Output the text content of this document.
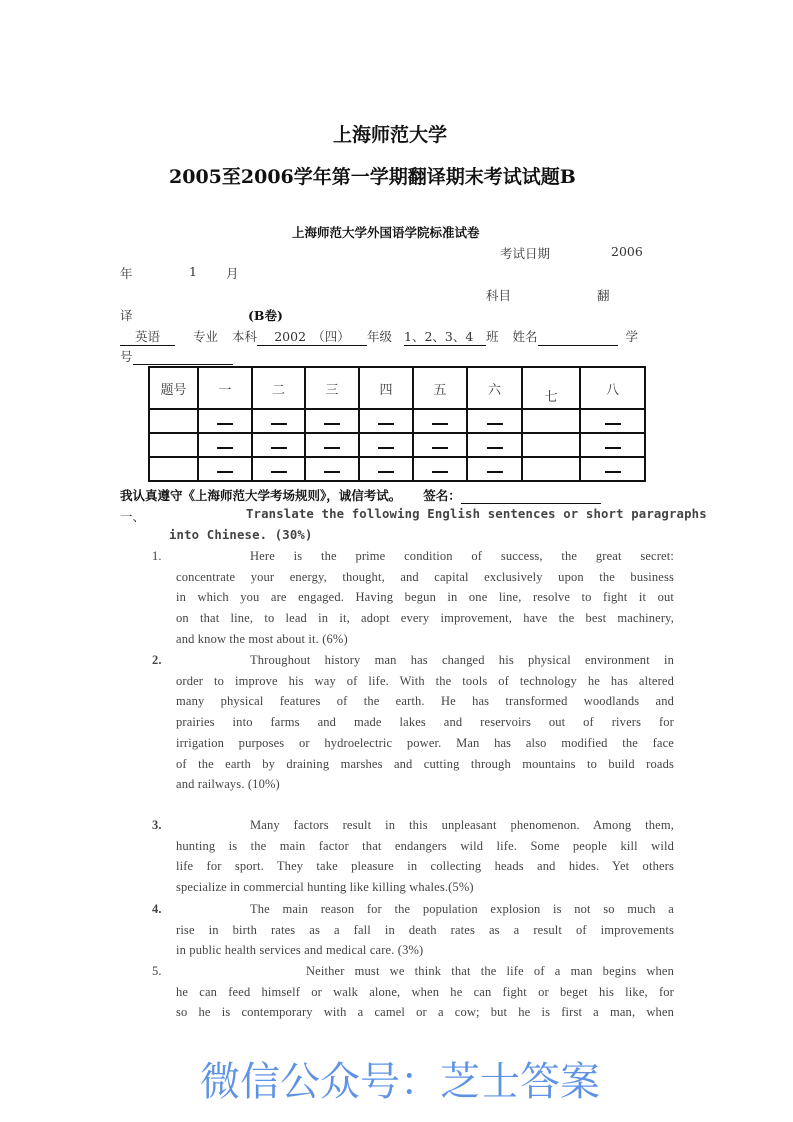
上海师范大学
2005至2006学年第一学期翻译期末考试试题B
上海师范大学外国语学院标准试卷
考试日期	2006
年	1 月
科目	翻
译	(B卷)
英语	专业 本科 2002　（四） 年级 1、2、3、4 班 姓名	学
号
题号	一	二	三	四	五	六	七	八

我认真遵守《上海师范大学考场规则》，诚信考试。 签名：
一、	Translate the following English sentences or short paragraphs
into Chinese. (30%)
1.	Here is the prime condition of success, the great secret:
concentrate your energy, thought, and capital exclusively upon the business
in which you are engaged. Having begun in one line, resolve to fight it out
on that line, to lead in it, adopt every improvement, have the best machinery,
and know the most about it. (6%)
2.	Throughout history man has changed his physical environment in
order to improve his way of life. With the tools of technology he has altered
many physical features of the earth. He has transformed woodlands and
prairies into farms and made lakes and reservoirs out of rivers for
irrigation purposes or hydroelectric power. Man has also modified the face
of the earth by draining marshes and cutting through mountains to build roads
and railways. (10%)
3.	Many factors result in this unpleasant phenomenon. Among them,
hunting is the main factor that endangers wild life. Some people kill wild
life for sport. They take pleasure in collecting heads and hides. Yet others
specialize in commercial hunting like killing whales.(5%)
4.	The main reason for the population explosion is not so much a
rise in birth rates as a fall in death rates as a result of improvements
in public health services and medical care. (3%)
5.	Neither must we think that the life of a man begins when
he can feed himself or walk alone, when he can fight or beget his like, for
so he is contemporary with a camel or a cow; but he is first a man, when
微信公众号：芝士答案
